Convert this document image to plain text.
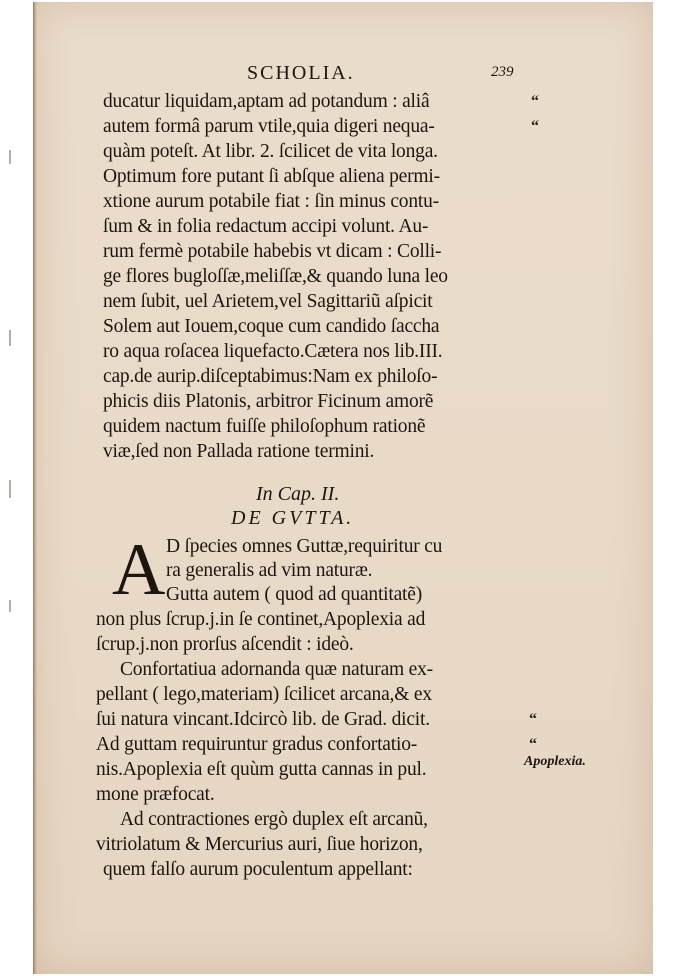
SCHOLIA.	239
ducatur liquidam,aptam ad potandum : aliâ
autem formâ parum vtile,quia digeri nequa-
quàm poteſt. At libr. 2. ſcilicet de vita longa.
Optimum fore putant ſi abſque aliena permi-
xtione aurum potabile fiat : ſin minus contu-
ſum & in folia redactum accipi volunt. Au-
rum fermè potabile habebis vt dicam : Colli-
ge flores bugloſſæ,meliſſæ,& quando luna leo
nem ſubit, uel Arietem,vel Sagittariũ aſpicit
Solem aut Iouem,coque cum candido ſaccha
ro aqua roſacea liquefacto.Cætera nos lib.III.
cap.de aurip.diſceptabimus:Nam ex philoſo-
phicis diis Platonis, arbitror Ficinum amorẽ
quidem nactum fuiſſe philoſophum rationẽ
viæ,ſed non Pallada ratione termini.
“
“
In Cap. II.
DE GVTTA.
A D ſpecies omnes Guttæ,requiritur cu
ra generalis ad vim naturæ.
Gutta autem ( quod ad quantitatẽ)
non plus ſcrup.j.in ſe continet,Apoplexia ad
ſcrup.j.non prorſus aſcendit : ideò.
Confortatiua adornanda quæ naturam ex-
pellant ( lego,materiam) ſcilicet arcana,& ex
ſui natura vincant.Idcircò lib. de Grad. dicit.
Ad guttam requiruntur gradus confortatio-
nis.Apoplexia eſt quùm gutta cannas in pul.
mone præfocat.
Ad contractiones ergò duplex eſt arcanũ,
vitriolatum & Mercurius auri, ſiue horizon,
quem falſo aurum poculentum appellant:
“
“
Apoplexia.
